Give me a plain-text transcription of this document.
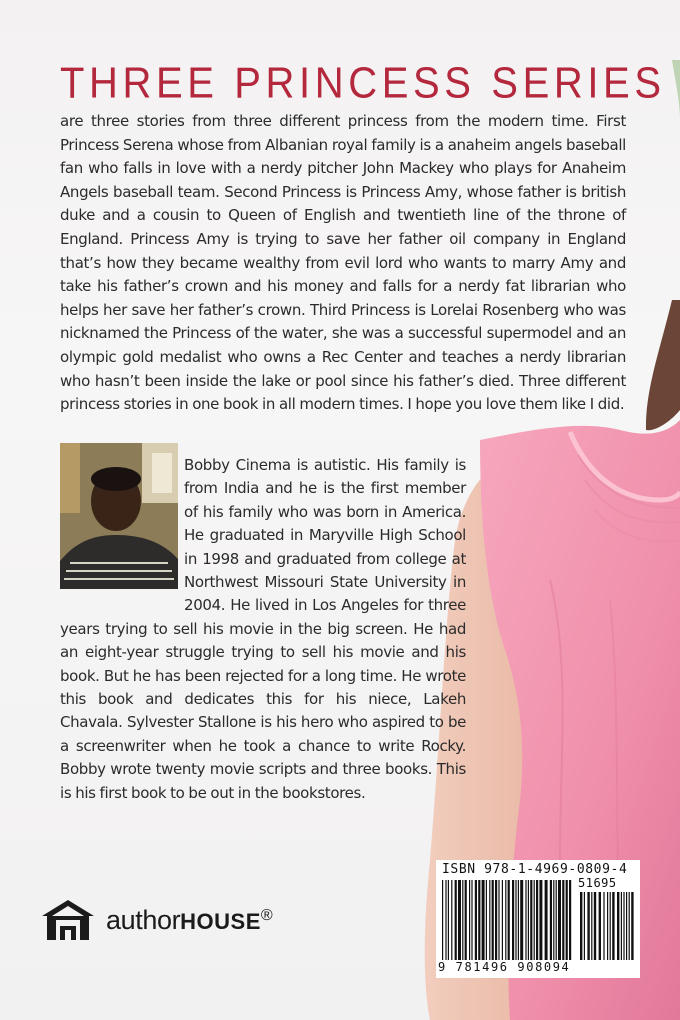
THREE PRINCESS SERIES

are three stories from three different princess from the modern time. First Princess Serena whose from Albanian royal family is a anaheim angels baseball fan who falls in love with a nerdy pitcher John Mackey who plays for Anaheim Angels baseball team. Second Princess is Princess Amy, whose father is british duke and a cousin to Queen of English and twentieth line of the throne of England. Princess Amy is trying to save her father oil company in England that’s how they became wealthy from evil lord who wants to marry Amy and take his father’s crown and his money and falls for a nerdy fat librarian who helps her save her father’s crown. Third Princess is Lorelai Rosenberg who was nicknamed the Princess of the water, she was a successful supermodel and an olympic gold medalist who owns a Rec Center and teaches a nerdy librarian who hasn’t been inside the lake or pool since his father’s died. Three different princess stories in one book in all modern times. I hope you love them like I did.

Bobby Cinema is autistic. His family is from India and he is the first member of his family who was born in America. He graduated in Maryville High School in 1998 and graduated from college at Northwest Missouri State University in 2004. He lived in Los Angeles for three years trying to sell his movie in the big screen. He had an eight-year struggle trying to sell his movie and his book. But he has been rejected for a long time. He wrote this book and dedicates this for his niece, Lakeh Chavala. Sylvester Stallone is his hero who aspired to be a screenwriter when he took a chance to write Rocky. Bobby wrote twenty movie scripts and three books. This is his first book to be out in the bookstores.

ISBN 978-1-4969-0809-4
51695
9 781496 908094
authorHOUSE®
